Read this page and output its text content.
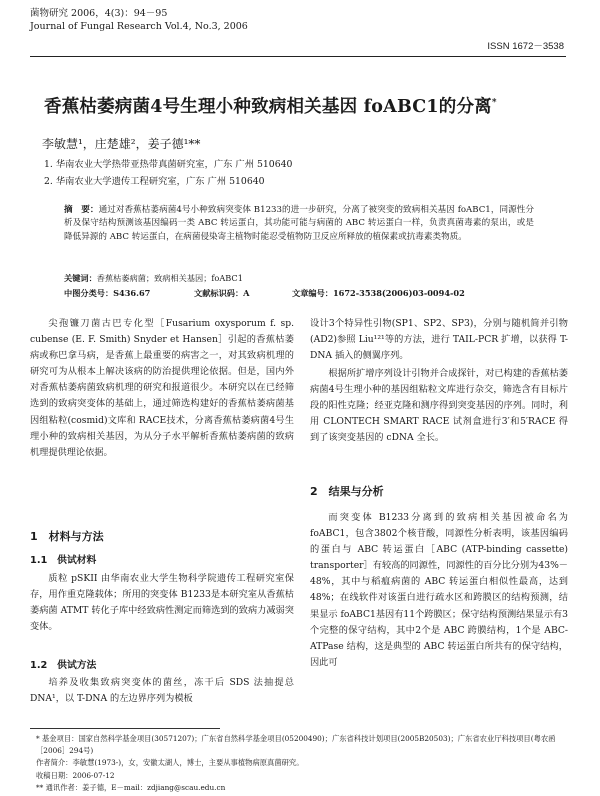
菌物研究 2006，4(3)：94－95
Journal of Fungal Research Vol.4, No.3, 2006
ISSN 1672－3538
香蕉枯萎病菌4号生理小种致病相关基因 foABC1的分离*
李敏慧¹，庄楚雄²，姜子德¹**
1. 华南农业大学热带亚热带真菌研究室，广东 广州 510640
2. 华南农业大学遗传工程研究室，广东 广州 510640
摘　要：通过对香蕉枯萎病菌4号小种致病突变体 B1233的进一步研究，分离了被突变的致病相关基因 foABC1，同源性分析及保守结构预测该基因编码一类 ABC 转运蛋白，其功能可能与病菌的 ABC 转运蛋白一样，负责真菌毒素的泵出，或是降低异源的 ABC 转运蛋白，在病菌侵染寄主植物时能忍受植物防卫反应所释放的植保素或抗毒素类物质。
关键词：香蕉枯萎病菌；致病相关基因；foABC1
中图分类号：S436.67	文献标识码：A	文章编号：1672-3538(2006)03-0094-02

尖孢镰刀菌古巴专化型［Fusarium oxysporum f. sp. cubense (E. F. Smith) Snyder et Hansen］引起的香蕉枯萎病或称巴拿马病，是香蕉上最重要的病害之一，对其致病机理的研究可为从根本上解决该病的防治提供理论依据。但是，国内外对香蕉枯萎病菌致病机理的研究和报道很少。本研究以在已经筛选到的致病突变体的基础上，通过筛选构建好的香蕉枯萎病菌基因组粘粒(cosmid)文库和 RACE技术，分离香蕉枯萎病菌4号生理小种的致病相关基因，为从分子水平解析香蕉枯萎病菌的致病机理提供理论依据。

1　材料与方法
1.1　供试材料

质粒 pSKII 由华南农业大学生物科学院遗传工程研究室保存，用作重克隆载体；所用的突变体 B1233是本研究室从香蕉枯萎病菌 ATMT 转化子库中经致病性测定而筛选到的致病力减弱突变体。

1.2　供试方法

培养及收集致病突变体的菌丝，冻干后 SDS 法抽提总 DNA¹，以 T-DNA 的左边界序列为模板

设计3个特异性引物(SP1、SP2、SP3)，分别与随机简并引物(AD2)参照 Liu¹²¹等的方法，进行 TAIL-PCR 扩增，以获得 T-DNA 插入的侧翼序列。

根据所扩增序列设计引物并合成探针，对已构建的香蕉枯萎病菌4号生理小种的基因组粘粒文库进行杂交，筛选含有目标片段的阳性克隆；经亚克隆和测序得到突变基因的序列。同时，利用 CLONTECH SMART RACE 试剂盒进行3′和5′RACE 得到了该突变基因的 cDNA 全长。

2　结果与分析

而突变体 B1233分离到的致病相关基因被命名为 foABC1，包含3802个核苷酸，同源性分析表明，该基因编码的蛋白与 ABC 转运蛋白［ABC (ATP-binding cassette) transporter］有较高的同源性，同源性的百分比分别为43%－48%，其中与稻瘟病菌的 ABC 转运蛋白相似性最高，达到48%；在线软件对该蛋白进行疏水区和跨膜区的结构预测，结果显示 foABC1基因有11个跨膜区；保守结构预测结果显示有3个完整的保守结构，其中2个是 ABC 跨膜结构，1个是 ABC-ATPase 结构，这是典型的 ABC 转运蛋白所共有的保守结构，因此可

* 基金项目：国家自然科学基金项目(30571207)；广东省自然科学基金项目(05200490)；广东省科技计划项目(2005B20503)；广东省农业厅科技项目(粤农函［2006］294号)
作者简介：李敏慧(1973-)，女，安徽太湖人，博士，主要从事植物病原真菌研究。
收稿日期：2006-07-12
** 通讯作者：姜子德，E－mail：zdjiang@scau.edu.cn
